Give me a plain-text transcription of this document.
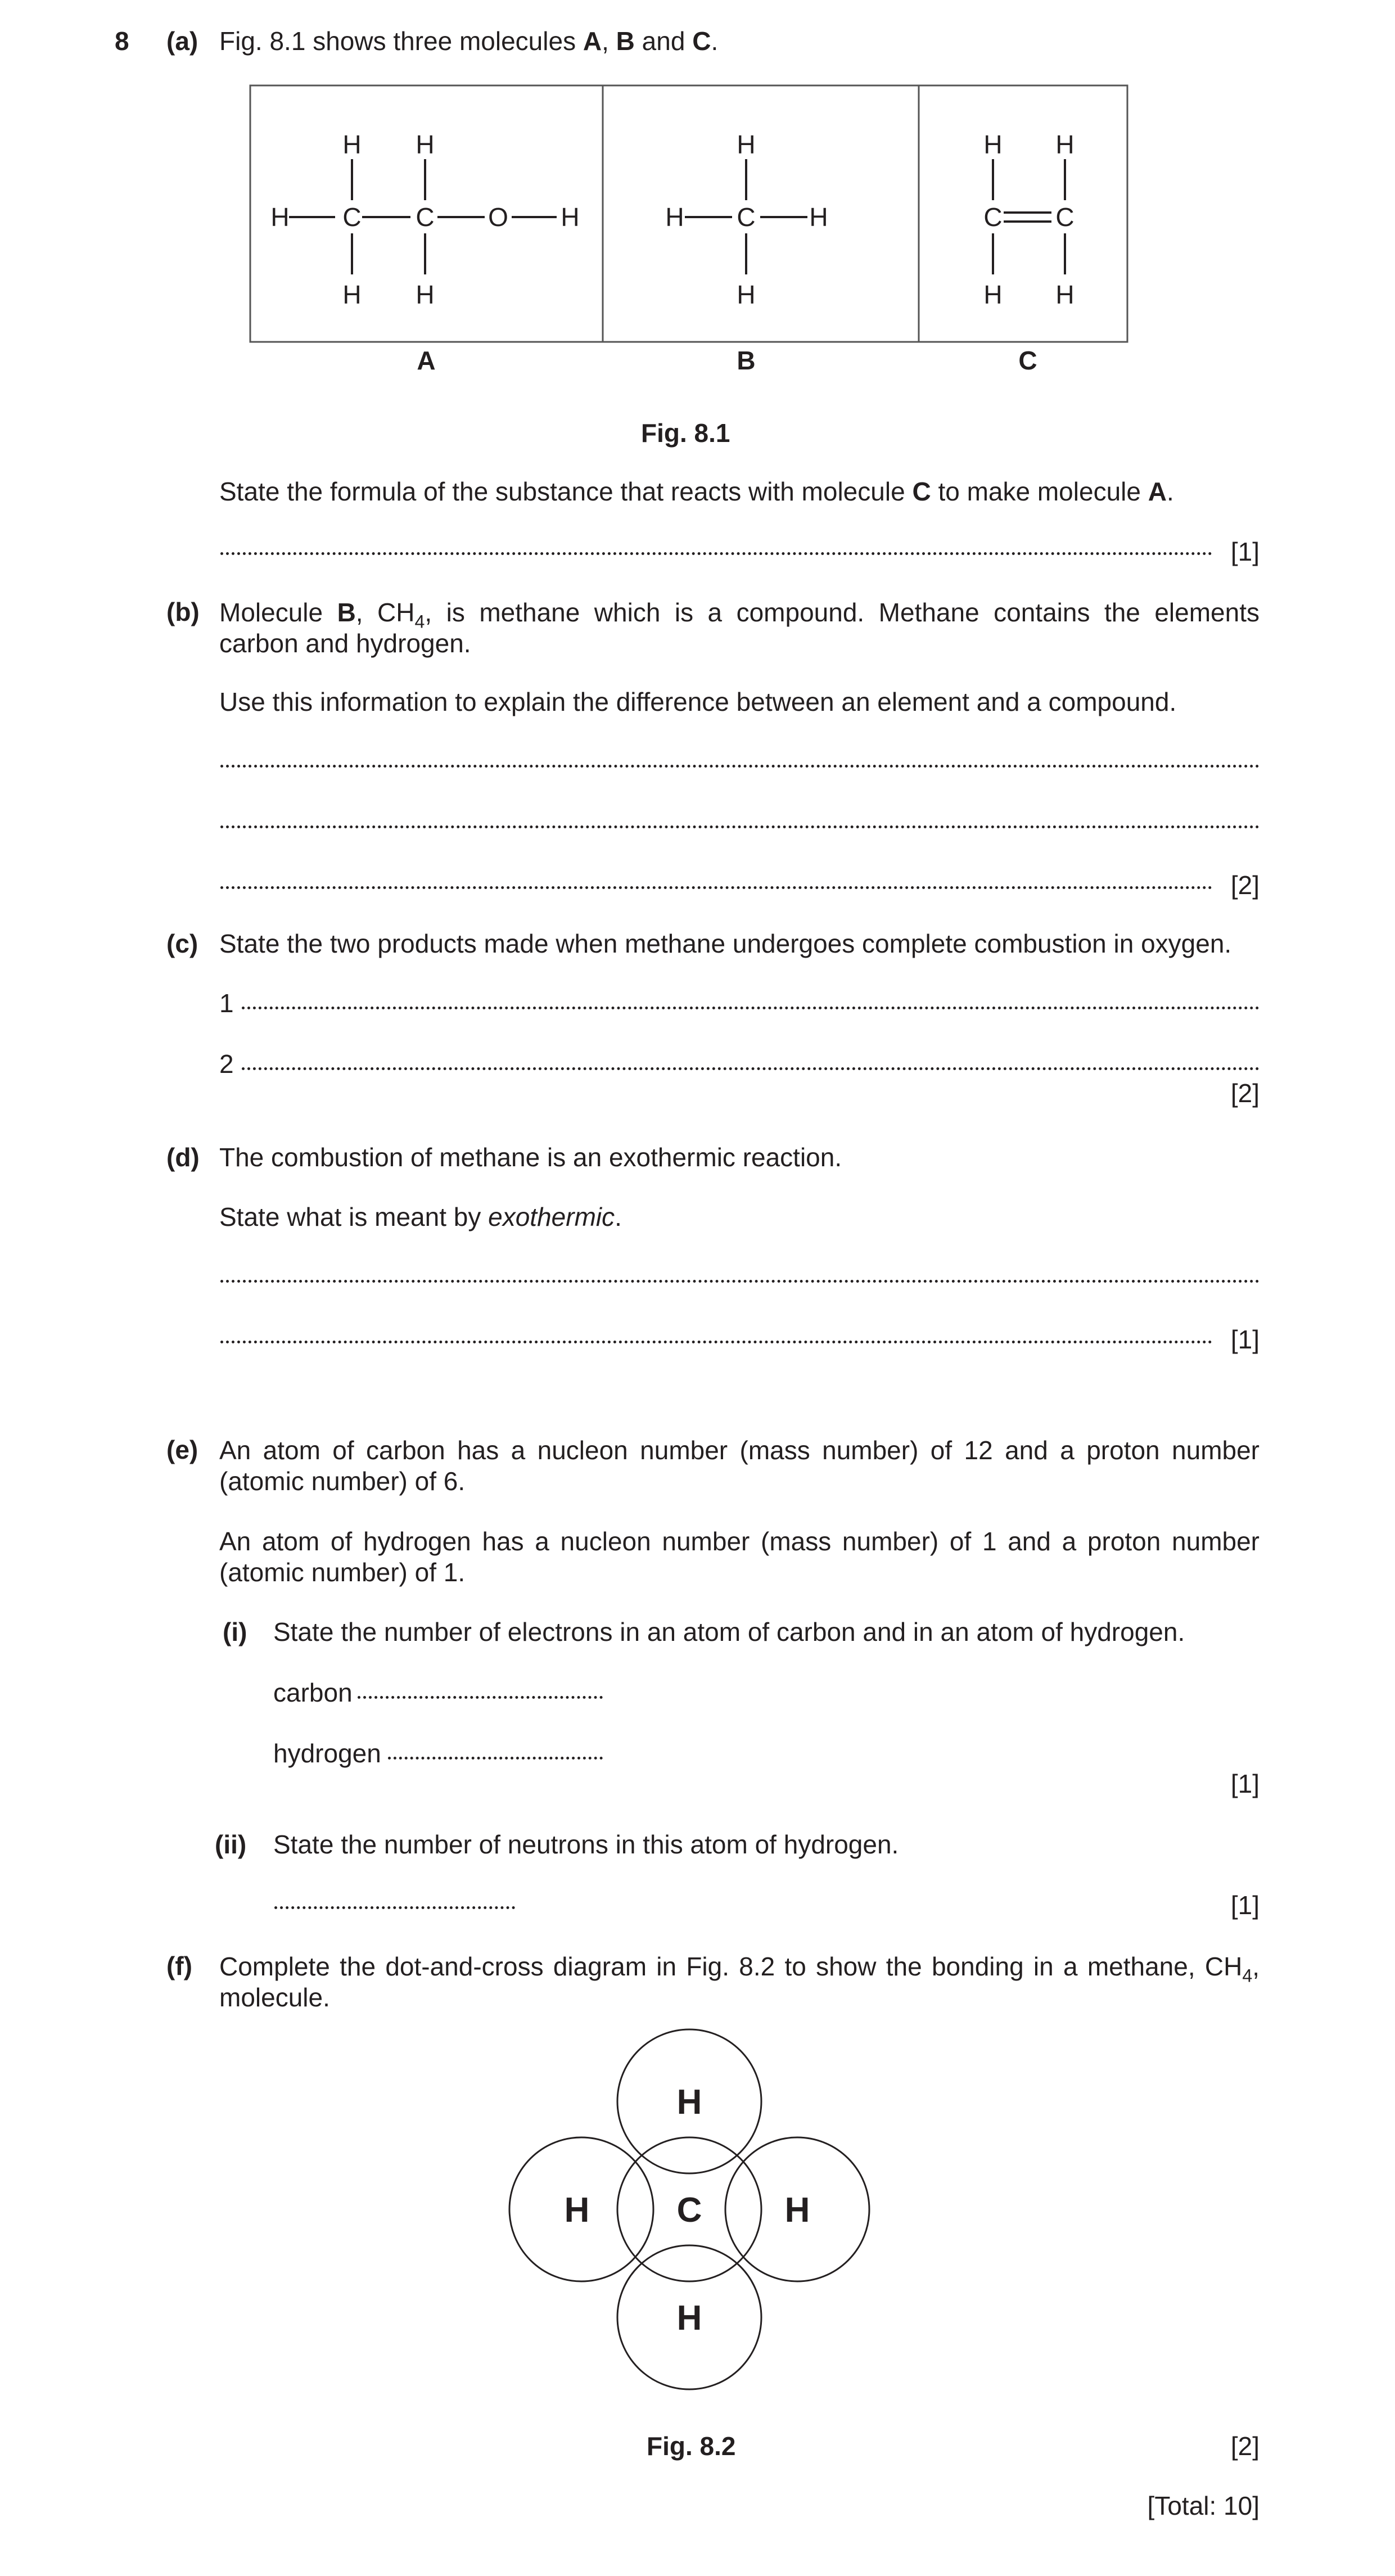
8 (a) Fig. 8.1 shows three molecules A, B and C.
H C C O H
H H
H H
H C H
H
H
C C
H H
H H
A	B	C
Fig. 8.1
State the formula of the substance that reacts with molecule C to make molecule A.
[1]
(b) Molecule B, $CH_4$, is methane which is a compound. Methane contains the elements carbon and hydrogen.
Use this information to explain the difference between an element and a compound.
[2]
(c) State the two products made when methane undergoes complete combustion in oxygen.
1
2
[2]
(d) The combustion of methane is an exothermic reaction.
State what is meant by exothermic.
[1]
(e) An atom of carbon has a nucleon number (mass number) of 12 and a proton number (atomic number) of 6.
An atom of hydrogen has a nucleon number (mass number) of 1 and a proton number (atomic number) of 1.
(i) State the number of electrons in an atom of carbon and in an atom of hydrogen.
carbon
hydrogen
[1]
(ii) State the number of neutrons in this atom of hydrogen.
[1]
(f) Complete the dot-and-cross diagram in Fig. 8.2 to show the bonding in a methane, $CH_4$, molecule.
H
H	C H
H
Fig. 8.2	[2]
[Total: 10]
